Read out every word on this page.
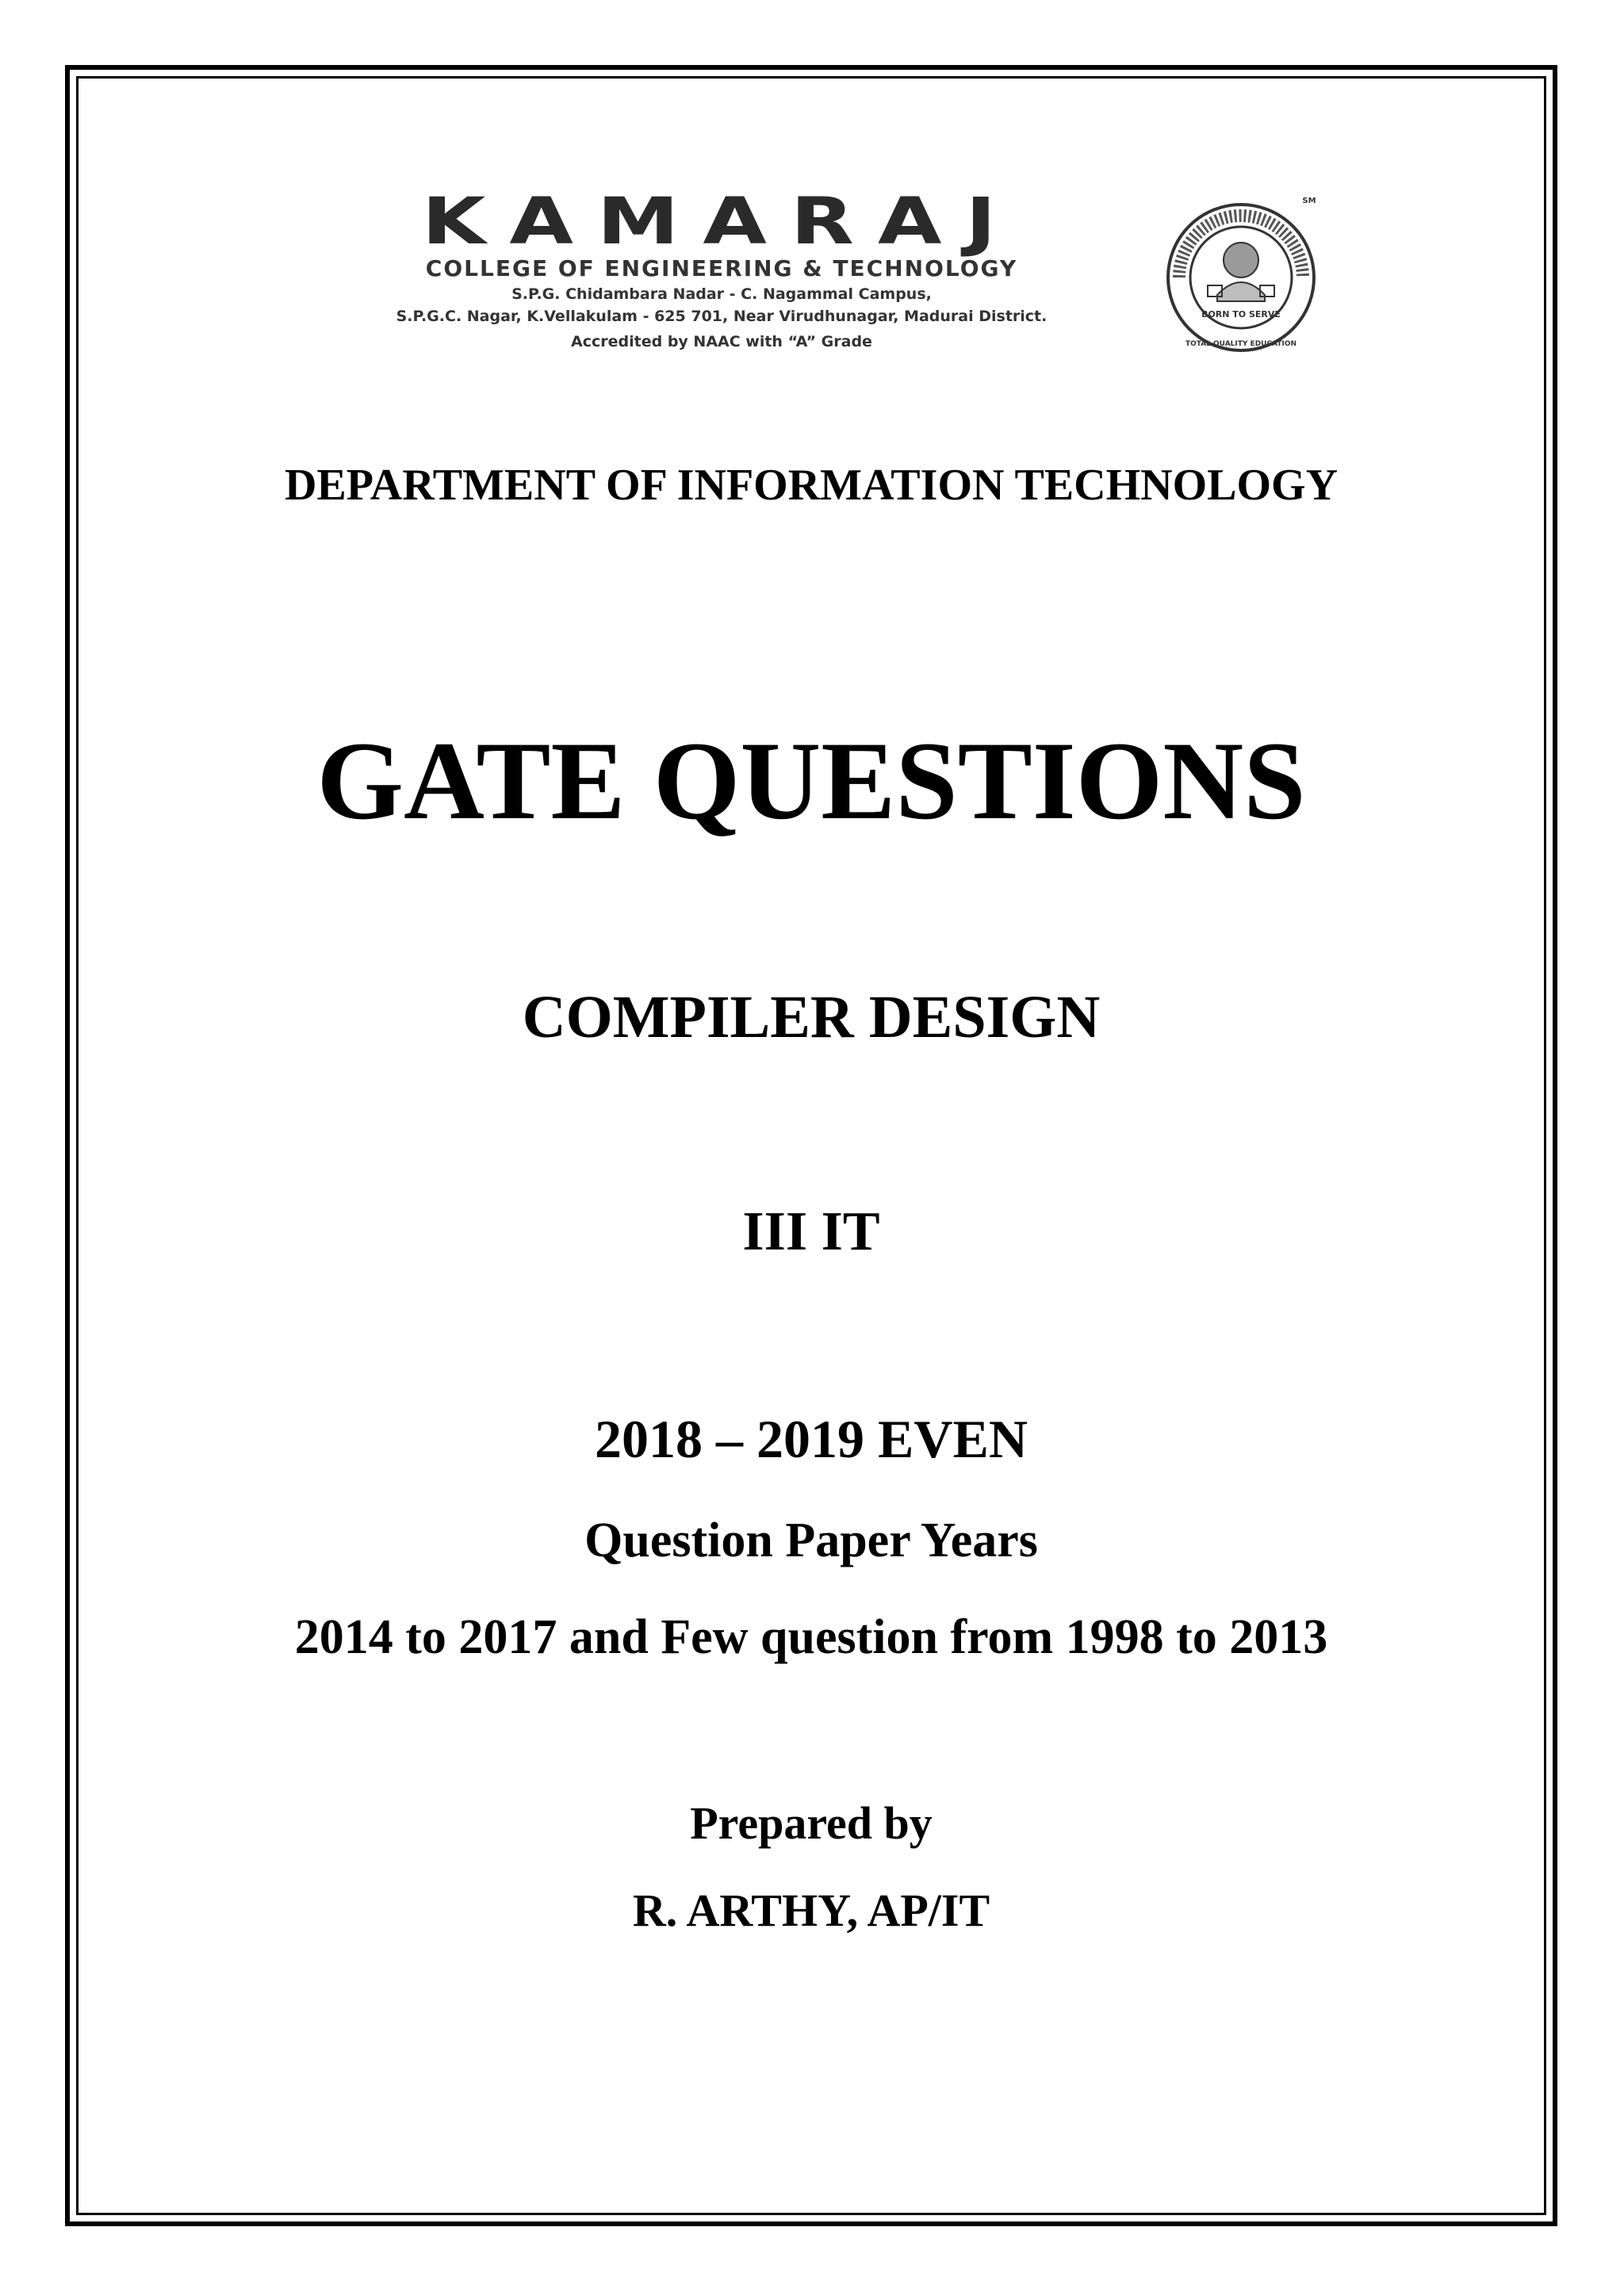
KAMARAJ
COLLEGE OF ENGINEERING & TECHNOLOGY
S.P.G. Chidambara Nadar - C. Nagammal Campus,
S.P.G.C. Nagar, K.Vellakulam - 625 701, Near Virudhunagar, Madurai District.
Accredited by NAAC with “A” Grade
BORN TO SERVE
TOTAL QUALITY EDUCATION
SM
DEPARTMENT OF INFORMATION TECHNOLOGY
GATE QUESTIONS
COMPILER DESIGN
III IT
2018 – 2019 EVEN
Question Paper Years
2014 to 2017 and Few question from 1998 to 2013
Prepared by
R. ARTHY, AP/IT
